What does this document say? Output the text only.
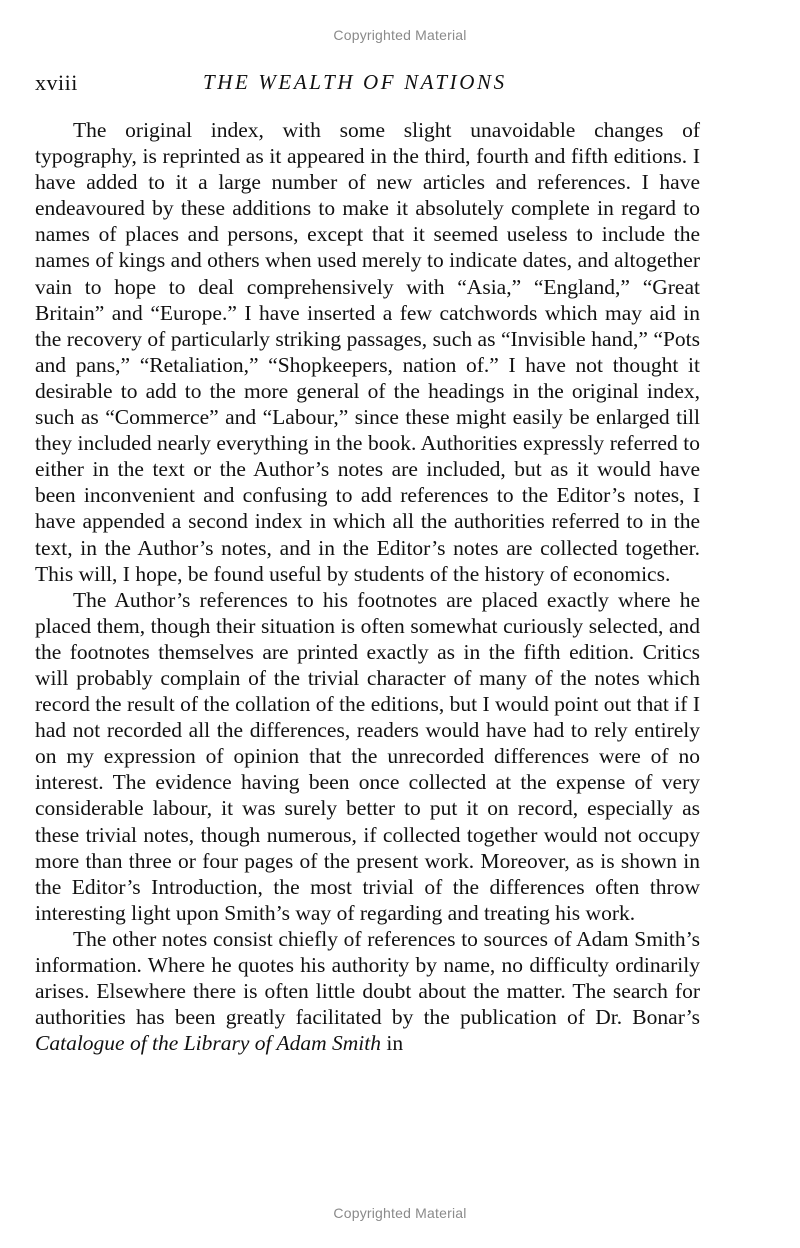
Copyrighted Material
xviii	THE WEALTH OF NATIONS

The original index, with some slight unavoidable changes of typography, is reprinted as it appeared in the third, fourth and fifth editions. I have added to it a large number of new articles and references. I have endeavoured by these additions to make it absolutely complete in regard to names of places and persons, except that it seemed useless to include the names of kings and others when used merely to indicate dates, and altogether vain to hope to deal comprehensively with “Asia,” “England,” “Great Britain” and “Europe.” I have inserted a few catchwords which may aid in the recovery of particularly striking passages, such as “Invisible hand,” “Pots and pans,” “Retaliation,” “Shopkeepers, nation of.” I have not thought it desirable to add to the more general of the headings in the original index, such as “Commerce” and “Labour,” since these might easily be enlarged till they included nearly everything in the book. Authorities expressly referred to either in the text or the Author’s notes are included, but as it would have been inconvenient and confusing to add references to the Editor’s notes, I have appended a second index in which all the authorities referred to in the text, in the Author’s notes, and in the Editor’s notes are collected together. This will, I hope, be found useful by students of the history of economics.

The Author’s references to his footnotes are placed exactly where he placed them, though their situation is often somewhat curiously selected, and the footnotes themselves are printed exactly as in the fifth edition. Critics will probably complain of the trivial character of many of the notes which record the result of the collation of the editions, but I would point out that if I had not recorded all the differences, readers would have had to rely entirely on my expression of opinion that the unrecorded differences were of no interest. The evidence having been once collected at the expense of very considerable labour, it was surely better to put it on record, especially as these trivial notes, though numerous, if collected together would not occupy more than three or four pages of the present work. Moreover, as is shown in the Editor’s Introduction, the most trivial of the differences often throw interesting light upon Smith’s way of regarding and treating his work.

The other notes consist chiefly of references to sources of Adam Smith’s information. Where he quotes his authority by name, no difficulty ordinarily arises. Elsewhere there is often little doubt about the matter. The search for authorities has been greatly facilitated by the publication of Dr. Bonar’s Catalogue of the Library of Adam Smith in

Copyrighted Material
